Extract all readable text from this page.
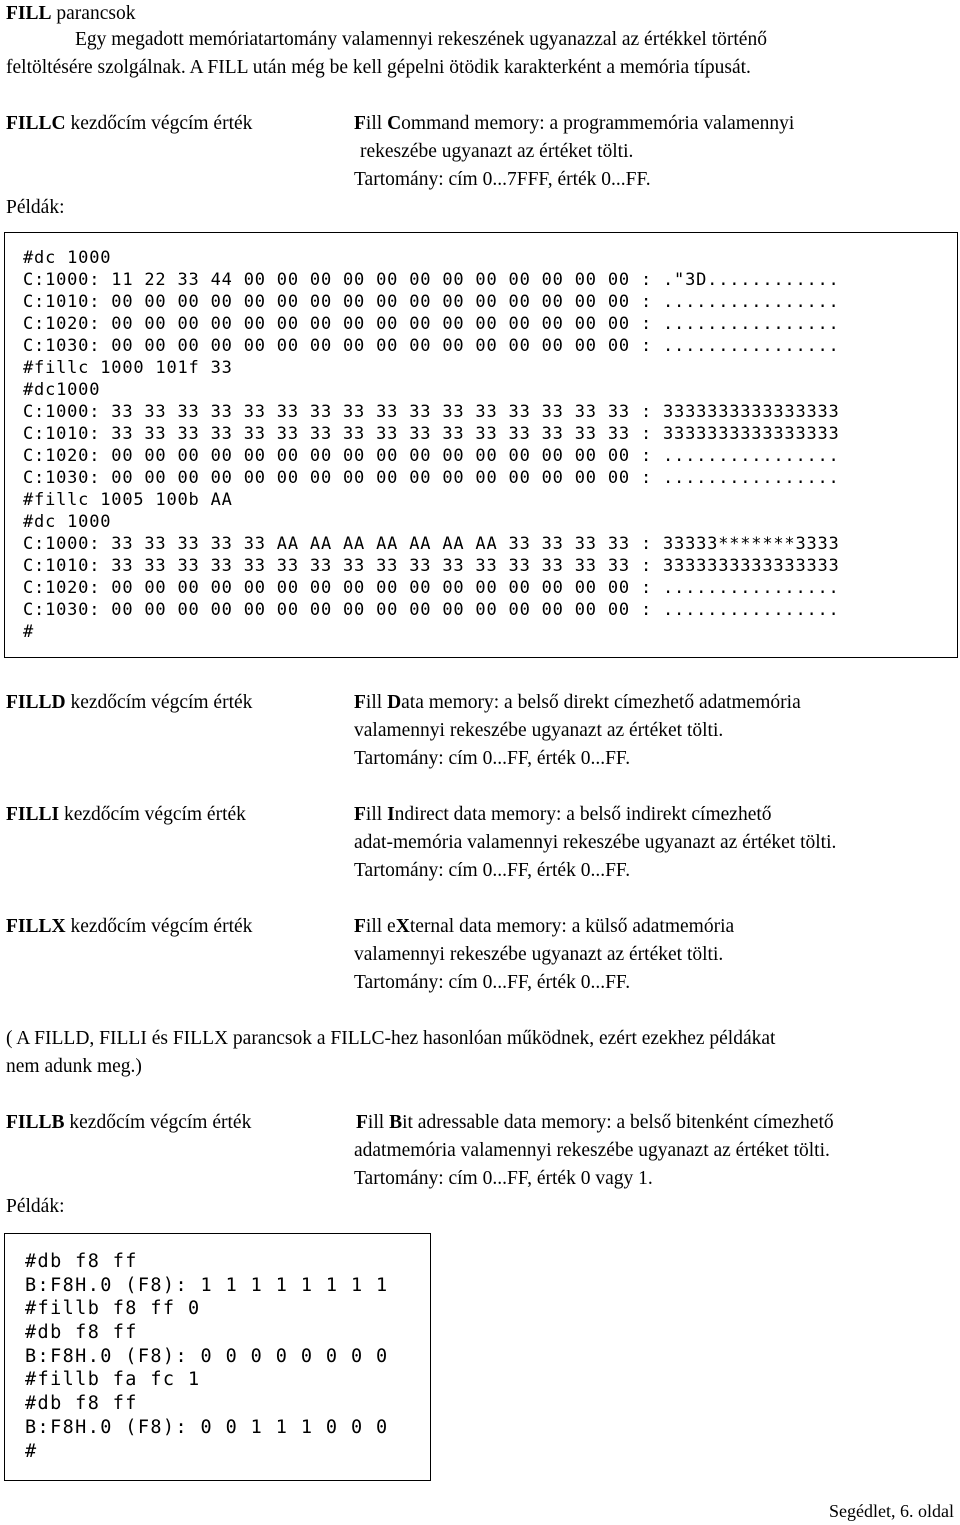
FILL parancsok
Egy megadott memóriatartomány valamennyi rekeszének ugyanazzal az értékkel történő
feltöltésére szolgálnak. A FILL után még be kell gépelni ötödik karakterként a memória típusát.
FILLC kezdőcím végcím érték	Fill Command memory: a programmemória valamennyi
rekeszébe ugyanazt az értéket tölti.
Tartomány: cím 0...7FFF, érték 0...FF.
Példák:
#dc 1000
C:1000: 11 22 33 44 00 00 00 00 00 00 00 00 00 00 00 00 : ."3D............
C:1010: 00 00 00 00 00 00 00 00 00 00 00 00 00 00 00 00 : ................
C:1020: 00 00 00 00 00 00 00 00 00 00 00 00 00 00 00 00 : ................
C:1030: 00 00 00 00 00 00 00 00 00 00 00 00 00 00 00 00 : ................
#fillc 1000 101f 33
#dc1000
C:1000: 33 33 33 33 33 33 33 33 33 33 33 33 33 33 33 33 : 3333333333333333
C:1010: 33 33 33 33 33 33 33 33 33 33 33 33 33 33 33 33 : 3333333333333333
C:1020: 00 00 00 00 00 00 00 00 00 00 00 00 00 00 00 00 : ................
C:1030: 00 00 00 00 00 00 00 00 00 00 00 00 00 00 00 00 : ................
#fillc 1005 100b AA
#dc 1000
C:1000: 33 33 33 33 33 AA AA AA AA AA AA AA 33 33 33 33 : 33333*******3333
C:1010: 33 33 33 33 33 33 33 33 33 33 33 33 33 33 33 33 : 3333333333333333
C:1020: 00 00 00 00 00 00 00 00 00 00 00 00 00 00 00 00 : ................
C:1030: 00 00 00 00 00 00 00 00 00 00 00 00 00 00 00 00 : ................
#
FILLD kezdőcím végcím érték	Fill Data memory: a belső direkt címezhető adatmemória
valamennyi rekeszébe ugyanazt az értéket tölti.
Tartomány: cím 0...FF, érték 0...FF.
FILLI kezdőcím végcím érték	Fill Indirect data memory: a belső indirekt címezhető
adat-memória valamennyi rekeszébe ugyanazt az értéket tölti.
Tartomány: cím 0...FF, érték 0...FF.
FILLX kezdőcím végcím érték	Fill eXternal data memory: a külső adatmemória
valamennyi rekeszébe ugyanazt az értéket tölti.
Tartomány: cím 0...FF, érték 0...FF.
( A FILLD, FILLI és FILLX parancsok a FILLC-hez hasonlóan működnek, ezért ezekhez példákat
nem adunk meg.)
FILLB kezdőcím végcím érték	Fill Bit adressable data memory: a belső bitenként címezhető
adatmemória valamennyi rekeszébe ugyanazt az értéket tölti.
Tartomány: cím 0...FF, érték 0 vagy 1.
Példák:
#db f8 ff
B:F8H.0 (F8): 1 1 1 1 1 1 1 1
#fillb f8 ff 0
#db f8 ff
B:F8H.0 (F8): 0 0 0 0 0 0 0 0
#fillb fa fc 1
#db f8 ff
B:F8H.0 (F8): 0 0 1 1 1 0 0 0
#
Segédlet, 6. oldal
